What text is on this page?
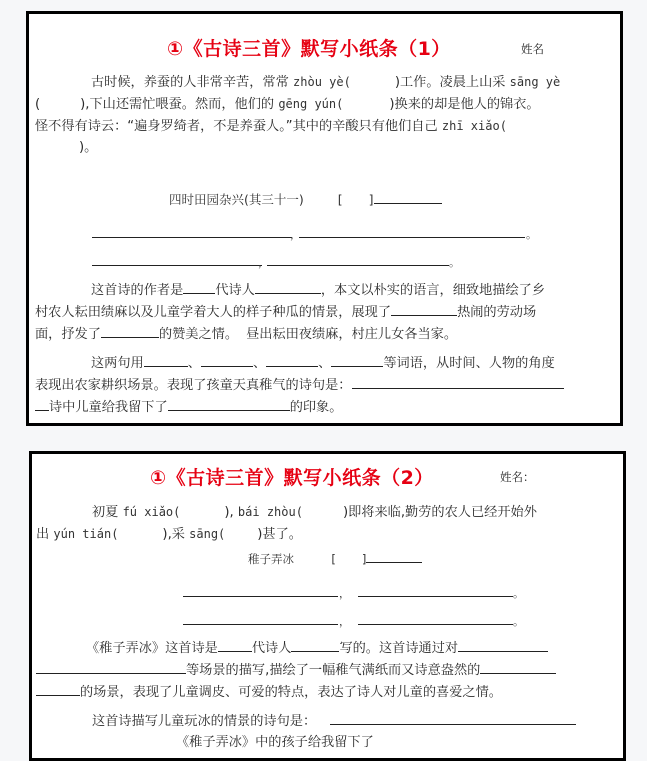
①《古诗三首》默写小纸条（1）	姓名
古时候，养蚕的人非常辛苦，常常 zhòu yè(	)工作。凌晨上山采 sāng yè
(	),下山还需忙喂蚕。然而，他们的 gēng yún(	)换来的却是他人的锦衣。
怪不得有诗云：“遍身罗绮者，不是养蚕人。”其中的辛酸只有他们自己 zhī xiǎo(
)。
四时田园杂兴(其三十一)	[ ]
，	。
，	。
这首诗的作者是 代诗人	，本文以朴实的语言，细致地描绘了乡
村农人耘田绩麻以及儿童学着大人的样子种瓜的情景，展现了	热闹的劳动场
面，抒发了	的赞美之情。 昼出耘田夜绩麻，村庄儿女各当家。
这两句用	、	、	、	等词语，从时间、人物的角度
表现出农家耕织场景。表现了孩童天真稚气的诗句是：
诗中儿童给我留下了	的印象。
①《古诗三首》默写小纸条（2）	姓名：
初夏 fú xiǎo(	), bái zhòu(	)即将来临,勤劳的农人已经开始外
出 yún tián(	),采 sāng( )甚了。
稚子弄冰	[ ]
，	。
，	。
《稚子弄冰》这首诗是	代诗人	写的。这首诗通过对
等场景的描写,描绘了一幅稚气满纸而又诗意盎然的
的场景，表现了儿童调皮、可爱的特点，表达了诗人对儿童的喜爱之情。
这首诗描写儿童玩冰的情景的诗句是：
《稚子弄冰》中的孩子给我留下了
